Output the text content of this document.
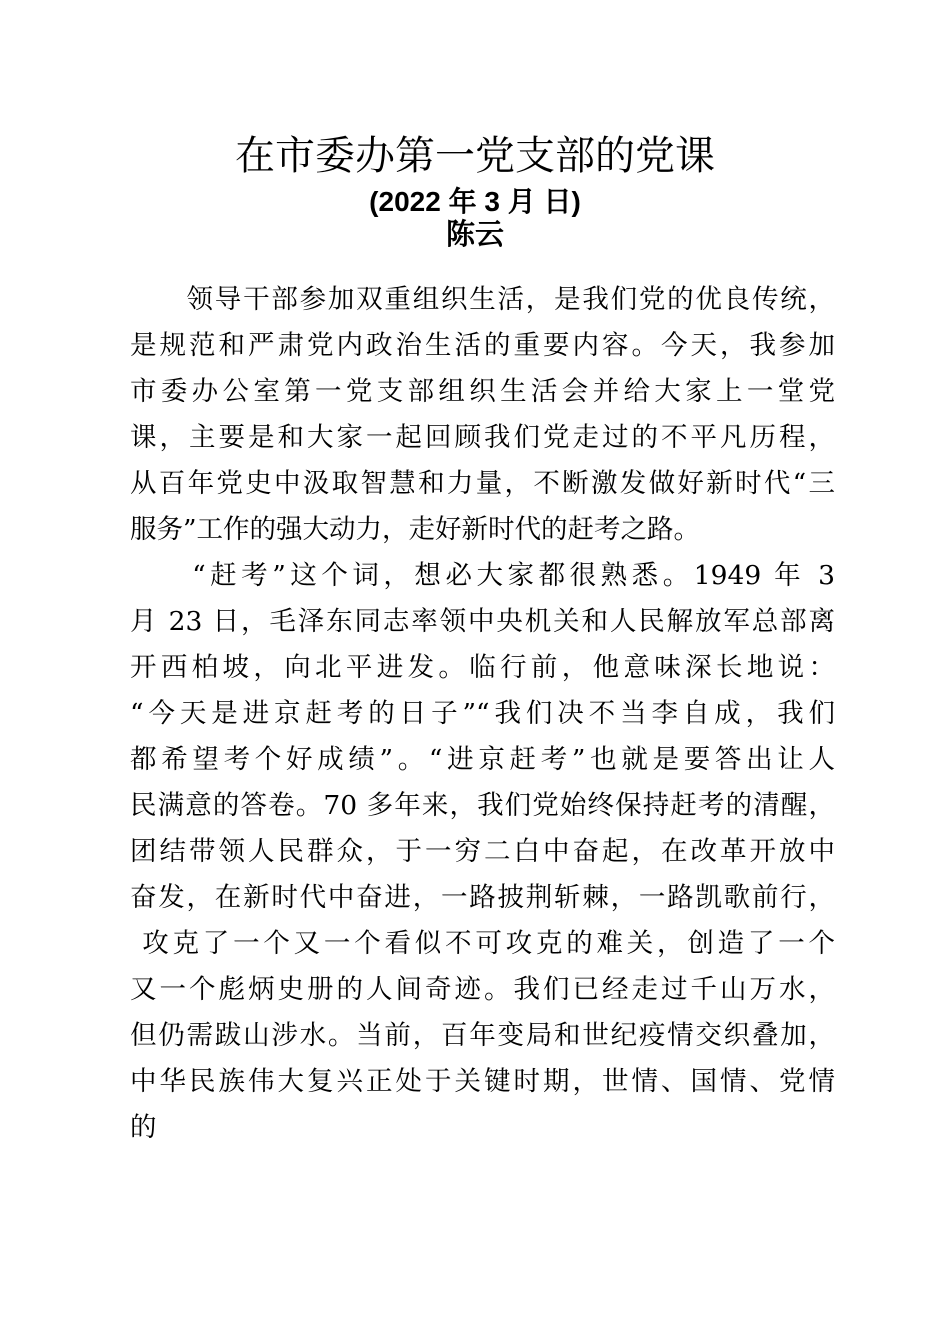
在市委办第一党支部的党课
(2022 年 3 月 日)
陈云
　　领导干部参加双重组织生活，是我们党的优良传统，
是规范和严肃党内政治生活的重要内容。今天，我参加
市委办公室第一党支部组织生活会并给大家上一堂党
课，主要是和大家一起回顾我们党走过的不平凡历程，
从百年党史中汲取智慧和力量，不断激发做好新时代“三
服务”工作的强大动力，走好新时代的赶考之路。
　　“赶考”这个词，想必大家都很熟悉。1949 年 3
月 23 日，毛泽东同志率领中央机关和人民解放军总部离
开西柏坡，向北平进发。临行前，他意味深长地说：
“今天是进京赶考的日子”“我们决不当李自成，我们
都希望考个好成绩”。“进京赶考”也就是要答出让人
民满意的答卷。70 多年来，我们党始终保持赶考的清醒，
团结带领人民群众，于一穷二白中奋起，在改革开放中
奋发，在新时代中奋进，一路披荆斩棘，一路凯歌前行，
攻克了一个又一个看似不可攻克的难关，创造了一个
又一个彪炳史册的人间奇迹。我们已经走过千山万水，
但仍需跋山涉水。当前，百年变局和世纪疫情交织叠加，
中华民族伟大复兴正处于关键时期，世情、国情、党情
的
